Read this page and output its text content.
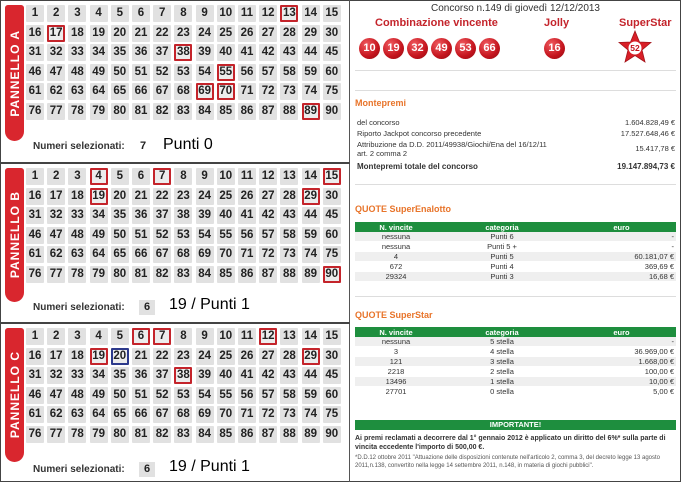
PANNELLO A
1	2	3	4	5	6	7	8	9	10 11 12 13 14 15
16 17 18 19 20 21 22 23 24 25 26 27 28 29 30
31 32 33 34 35 36 37 38 39 40 41 42 43 44 45
46 47 48 49 50 51 52 53 54 55 56 57 58 59 60
61 62 63 64 65 66 67 68 69 70 71 72 73 74 75
76 77 78 79 80 81 82 83 84 85 86 87 88 89 90
Numeri selezionati:	7	Punti 0
PANNELLO B
1	2	3	4	5	6	7	8	9	10 11 12 13 14 15
16 17 18 19 20 21 22 23 24 25 26 27 28 29 30
31 32 33 34 35 36 37 38 39 40 41 42 43 44 45
46 47 48 49 50 51 52 53 54 55 56 57 58 59 60
61 62 63 64 65 66 67 68 69 70 71 72 73 74 75
76 77 78 79 80 81 82 83 84 85 86 87 88 89 90
Numeri selezionati:	6	19 / Punti 1
PANNELLO C
1	2	3	4	5	6	7	8	9	10 11 12 13 14 15
16 17 18 19 20 21 22 23 24 25 26 27 28 29 30
31 32 33 34 35 36 37 38 39 40 41 42 43 44 45
46 47 48 49 50 51 52 53 54 55 56 57 58 59 60
61 62 63 64 65 66 67 68 69 70 71 72 73 74 75
76 77 78 79 80 81 82 83 84 85 86 87 88 89 90
Numeri selezionati:	6	19 / Punti 1
Concorso n.149 di giovedì 12/12/2013
Combinazione vincente	Jolly	SuperStar
10	19	32	49	53	66	16	52
Montepremi
del concorso	1.604.828,49 €
Riporto Jackpot concorso precedente	17.527.648,46 €
Attribuzione da D.D. 2011/49938/Giochi/Ena del 16/12/11 art. 2 comma 2
15.417,78 €
Montepremi totale del concorso	19.147.894,73 €
QUOTE SuperEnalotto
N. vincite	categoria	euro
nessuna	Punti 6	-
nessuna	Punti 5 +	-
4	Punti 5	60.181,07 €
672	Punti 4	369,69 €
29324	Punti 3	16,68 €
QUOTE SuperStar
N. vincite	categoria	euro
nessuna	5 stella	-
3	4 stella	36.969,00 €
121	3 stella	1.668,00 €
2218	2 stella	100,00 €
13496	1 stella	10,00 €
27701	0 stella	5,00 €
IMPORTANTE!
Ai premi reclamati a decorrere dal 1° gennaio 2012 è applicato un diritto del 6%* sulla parte di vincita eccedente l'importo di 500,00 €.
*D.D.12 ottobre 2011 "Attuazione delle disposizioni contenute nell'articolo 2, comma 3, del decreto legge 13 agosto 2011,n.138, convertito nella legge 14 settembre 2011, n.148, in materia di giochi pubblici".
